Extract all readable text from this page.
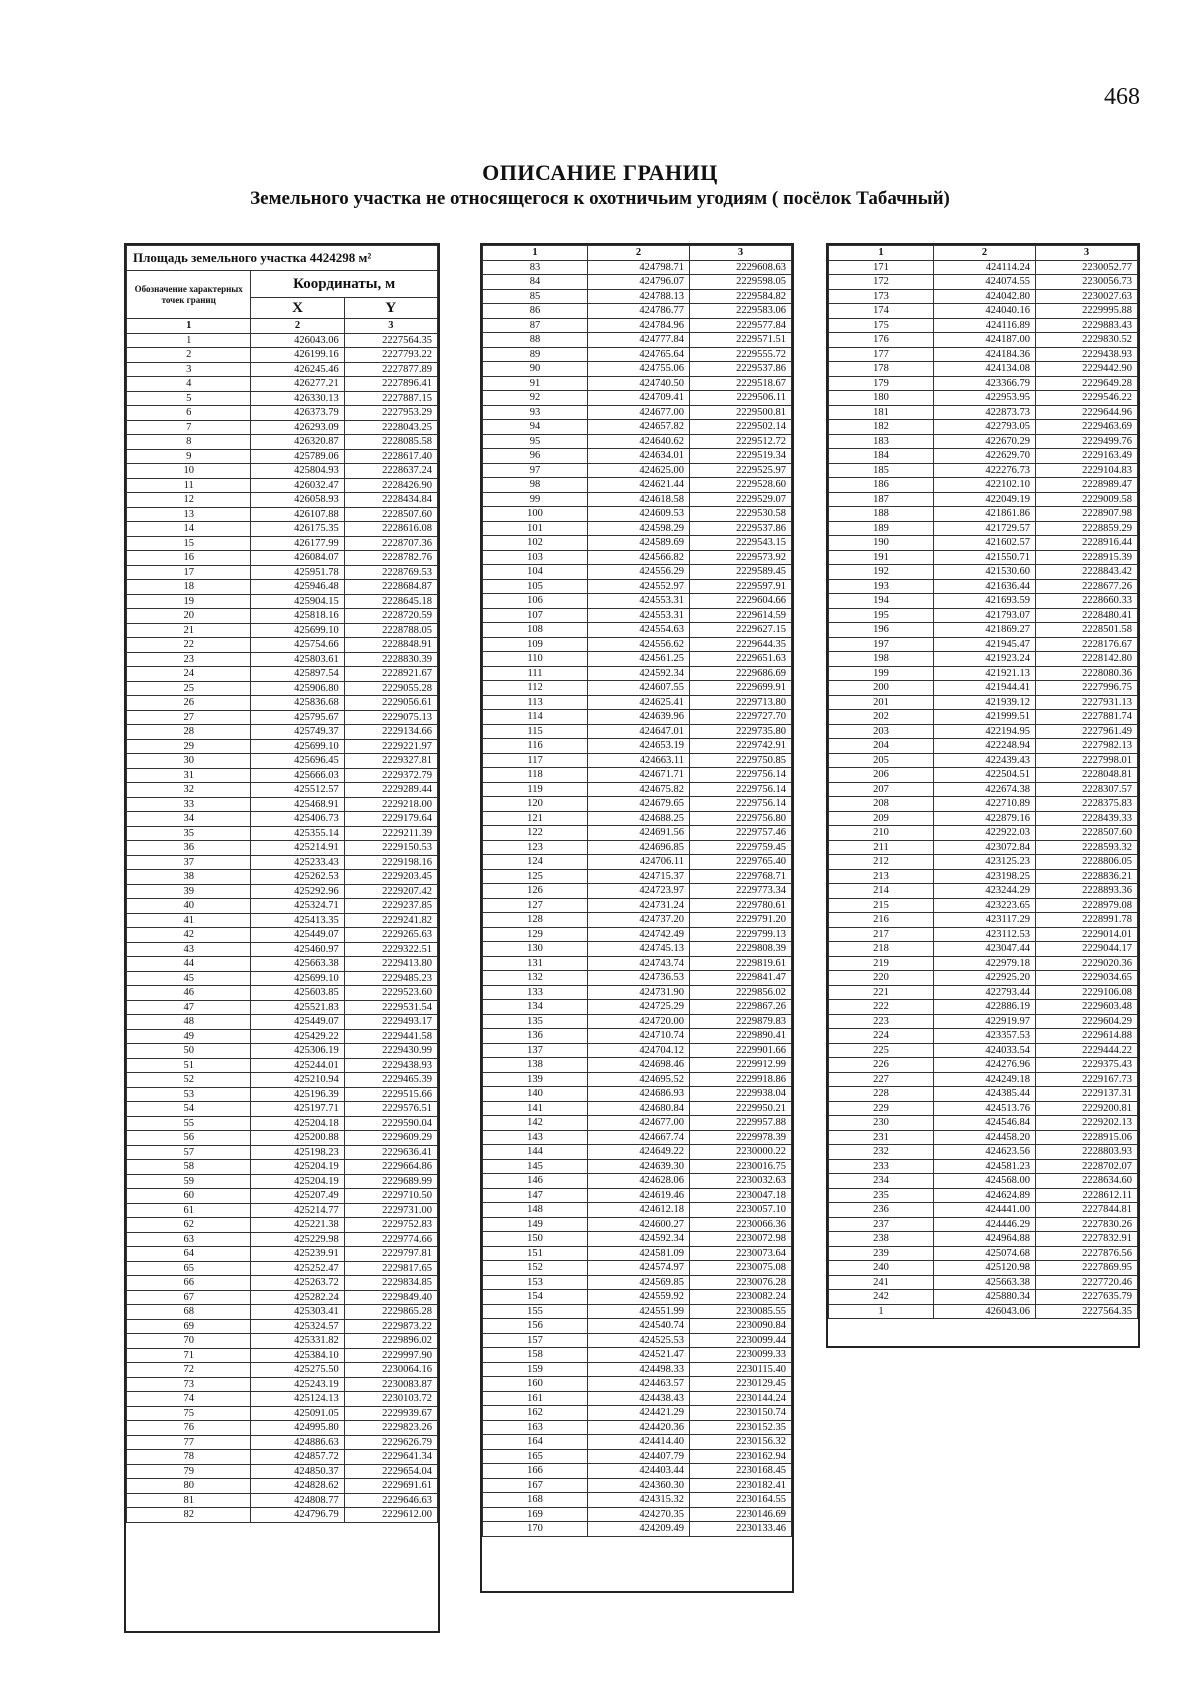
468
ОПИСАНИЕ ГРАНИЦ
Земельного участка не относящегося к охотничьим угодиям ( посёлок Табачный)
Площадь земельного участка 4424298 м²		
Обозначение характерных точек границ	Координаты, м	
	X	Y
1	2	3
1	426043.06	2227564.35
2	426199.16	2227793.22
3	426245.46	2227877.89
4	426277.21	2227896.41
5	426330.13	2227887.15
6	426373.79	2227953.29
7	426293.09	2228043.25
8	426320.87	2228085.58
9	425789.06	2228617.40
10	425804.93	2228637.24
11	426032.47	2228426.90
12	426058.93	2228434.84
13	426107.88	2228507.60
14	426175.35	2228616.08
15	426177.99	2228707.36
16	426084.07	2228782.76
17	425951.78	2228769.53
18	425946.48	2228684.87
19	425904.15	2228645.18
20	425818.16	2228720.59
21	425699.10	2228788.05
22	425754.66	2228848.91
23	425803.61	2228830.39
24	425897.54	2228921.67
25	425906.80	2229055.28
26	425836.68	2229056.61
27	425795.67	2229075.13
28	425749.37	2229134.66
29	425699.10	2229221.97
30	425696.45	2229327.81
31	425666.03	2229372.79
32	425512.57	2229289.44
33	425468.91	2229218.00
34	425406.73	2229179.64
35	425355.14	2229211.39
36	425214.91	2229150.53
37	425233.43	2229198.16
38	425262.53	2229203.45
39	425292.96	2229207.42
40	425324.71	2229237.85
41	425413.35	2229241.82
42	425449.07	2229265.63
43	425460.97	2229322.51
44	425663.38	2229413.80
45	425699.10	2229485.23
46	425603.85	2229523.60
47	425521.83	2229531.54
48	425449.07	2229493.17
49	425429.22	2229441.58
50	425306.19	2229430.99
51	425244.01	2229438.93
52	425210.94	2229465.39
53	425196.39	2229515.66
54	425197.71	2229576.51
55	425204.18	2229590.04
56	425200.88	2229609.29
57	425198.23	2229636.41
58	425204.19	2229664.86
59	425204.19	2229689.99
60	425207.49	2229710.50
61	425214.77	2229731.00
62	425221.38	2229752.83
63	425229.98	2229774.66
64	425239.91	2229797.81
65	425252.47	2229817.65
66	425263.72	2229834.85
67	425282.24	2229849.40
68	425303.41	2229865.28
69	425324.57	2229873.22
70	425331.82	2229896.02
71	425384.10	2229997.90
72	425275.50	2230064.16
73	425243.19	2230083.87
74	425124.13	2230103.72
75	425091.05	2229939.67
76	424995.80	2229823.26
77	424886.63	2229626.79
78	424857.72	2229641.34
79	424850.37	2229654.04
80	424828.62	2229691.61
81	424808.77	2229646.63
82	424796.79	2229612.00
1	2	3
83	424798.71	2229608.63
84	424796.07	2229598.05
85	424788.13	2229584.82
86	424786.77	2229583.06
87	424784.96	2229577.84
88	424777.84	2229571.51
89	424765.64	2229555.72
90	424755.06	2229537.86
91	424740.50	2229518.67
92	424709.41	2229506.11
93	424677.00	2229500.81
94	424657.82	2229502.14
95	424640.62	2229512.72
96	424634.01	2229519.34
97	424625.00	2229525.97
98	424621.44	2229528.60
99	424618.58	2229529.07
100	424609.53	2229530.58
101	424598.29	2229537.86
102	424589.69	2229543.15
103	424566.82	2229573.92
104	424556.29	2229589.45
105	424552.97	2229597.91
106	424553.31	2229604.66
107	424553.31	2229614.59
108	424554.63	2229627.15
109	424556.62	2229644.35
110	424561.25	2229651.63
111	424592.34	2229686.69
112	424607.55	2229699.91
113	424625.41	2229713.80
114	424639.96	2229727.70
115	424647.01	2229735.80
116	424653.19	2229742.91
117	424663.11	2229750.85
118	424671.71	2229756.14
119	424675.82	2229756.14
120	424679.65	2229756.14
121	424688.25	2229756.80
122	424691.56	2229757.46
123	424696.85	2229759.45
124	424706.11	2229765.40
125	424715.37	2229768.71
126	424723.97	2229773.34
127	424731.24	2229780.61
128	424737.20	2229791.20
129	424742.49	2229799.13
130	424745.13	2229808.39
131	424743.74	2229819.61
132	424736.53	2229841.47
133	424731.90	2229856.02
134	424725.29	2229867.26
135	424720.00	2229879.83
136	424710.74	2229890.41
137	424704.12	2229901.66
138	424698.46	2229912.99
139	424695.52	2229918.86
140	424686.93	2229938.04
141	424680.84	2229950.21
142	424677.00	2229957.88
143	424667.74	2229978.39
144	424649.22	2230000.22
145	424639.30	2230016.75
146	424628.06	2230032.63
147	424619.46	2230047.18
148	424612.18	2230057.10
149	424600.27	2230066.36
150	424592.34	2230072.98
151	424581.09	2230073.64
152	424574.97	2230075.08
153	424569.85	2230076.28
154	424559.92	2230082.24
155	424551.99	2230085.55
156	424540.74	2230090.84
157	424525.53	2230099.44
158	424521.47	2230099.33
159	424498.33	2230115.40
160	424463.57	2230129.45
161	424438.43	2230144.24
162	424421.29	2230150.74
163	424420.36	2230152.35
164	424414.40	2230156.32
165	424407.79	2230162.94
166	424403.44	2230168.45
167	424360.30	2230182.41
168	424315.32	2230164.55
169	424270.35	2230146.69
170	424209.49	2230133.46
1	2	3
171	424114.24	2230052.77
172	424074.55	2230056.73
173	424042.80	2230027.63
174	424040.16	2229995.88
175	424116.89	2229883.43
176	424187.00	2229830.52
177	424184.36	2229438.93
178	424134.08	2229442.90
179	423366.79	2229649.28
180	422953.95	2229546.22
181	422873.73	2229644.96
182	422793.05	2229463.69
183	422670.29	2229499.76
184	422629.70	2229163.49
185	422276.73	2229104.83
186	422102.10	2228989.47
187	422049.19	2229009.58
188	421861.86	2228907.98
189	421729.57	2228859.29
190	421602.57	2228916.44
191	421550.71	2228915.39
192	421530.60	2228843.42
193	421636.44	2228677.26
194	421693.59	2228660.33
195	421793.07	2228480.41
196	421869.27	2228501.58
197	421945.47	2228176.67
198	421923.24	2228142.80
199	421921.13	2228080.36
200	421944.41	2227996.75
201	421939.12	2227931.13
202	421999.51	2227881.74
203	422194.95	2227961.49
204	422248.94	2227982.13
205	422439.43	2227998.01
206	422504.51	2228048.81
207	422674.38	2228307.57
208	422710.89	2228375.83
209	422879.16	2228439.33
210	422922.03	2228507.60
211	423072.84	2228593.32
212	423125.23	2228806.05
213	423198.25	2228836.21
214	423244.29	2228893.36
215	423223.65	2228979.08
216	423117.29	2228991.78
217	423112.53	2229014.01
218	423047.44	2229044.17
219	422979.18	2229020.36
220	422925.20	2229034.65
221	422793.44	2229106.08
222	422886.19	2229603.48
223	422919.97	2229604.29
224	423357.53	2229614.88
225	424033.54	2229444.22
226	424276.96	2229375.43
227	424249.18	2229167.73
228	424385.44	2229137.31
229	424513.76	2229200.81
230	424546.84	2229202.13
231	424458.20	2228915.06
232	424623.56	2228803.93
233	424581.23	2228702.07
234	424568.00	2228634.60
235	424624.89	2228612.11
236	424441.00	2227844.81
237	424446.29	2227830.26
238	424964.88	2227832.91
239	425074.68	2227876.56
240	425120.98	2227869.95
241	425663.38	2227720.46
242	425880.34	2227635.79
1	426043.06	2227564.35
